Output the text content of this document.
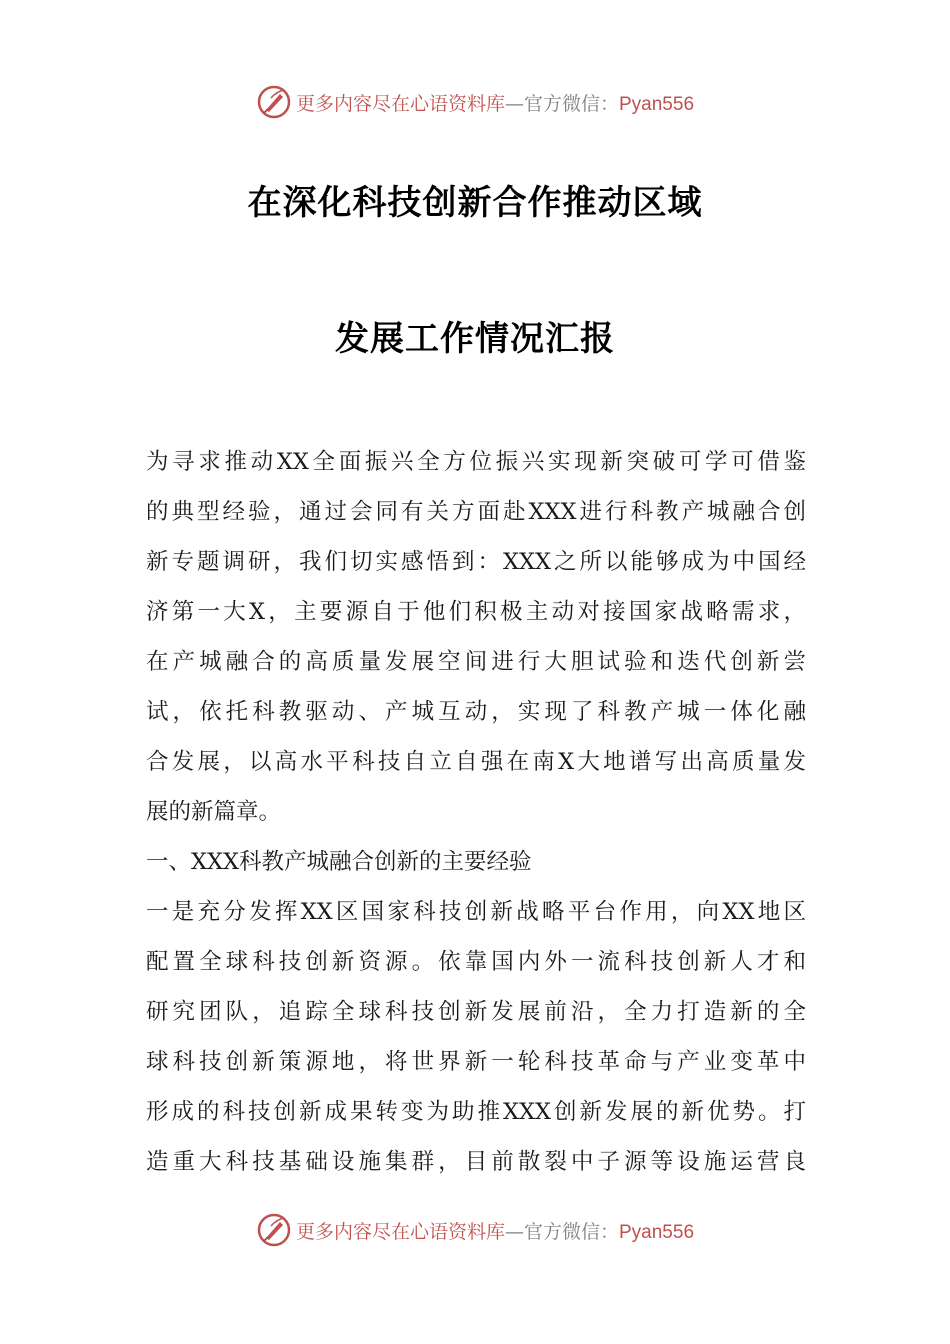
更多内容尽在心语资料库—官方微信：Pyan556
在深化科技创新合作推动区域
发展工作情况汇报
为寻求推动XX全面振兴全方位振兴实现新突破可学可借鉴
的典型经验，通过会同有关方面赴XXX进行科教产城融合创
新专题调研，我们切实感悟到：XXX之所以能够成为中国经
济第一大X，主要源自于他们积极主动对接国家战略需求，
在产城融合的高质量发展空间进行大胆试验和迭代创新尝
试，依托科教驱动、产城互动，实现了科教产城一体化融
合发展，以高水平科技自立自强在南X大地谱写出高质量发
展的新篇章。
一、XXX科教产城融合创新的主要经验
一是充分发挥XX区国家科技创新战略平台作用，向XX地区
配置全球科技创新资源。依靠国内外一流科技创新人才和
研究团队，追踪全球科技创新发展前沿，全力打造新的全
球科技创新策源地，将世界新一轮科技革命与产业变革中
形成的科技创新成果转变为助推XXX创新发展的新优势。打
造重大科技基础设施集群，目前散裂中子源等设施运营良
更多内容尽在心语资料库—官方微信：Pyan556
